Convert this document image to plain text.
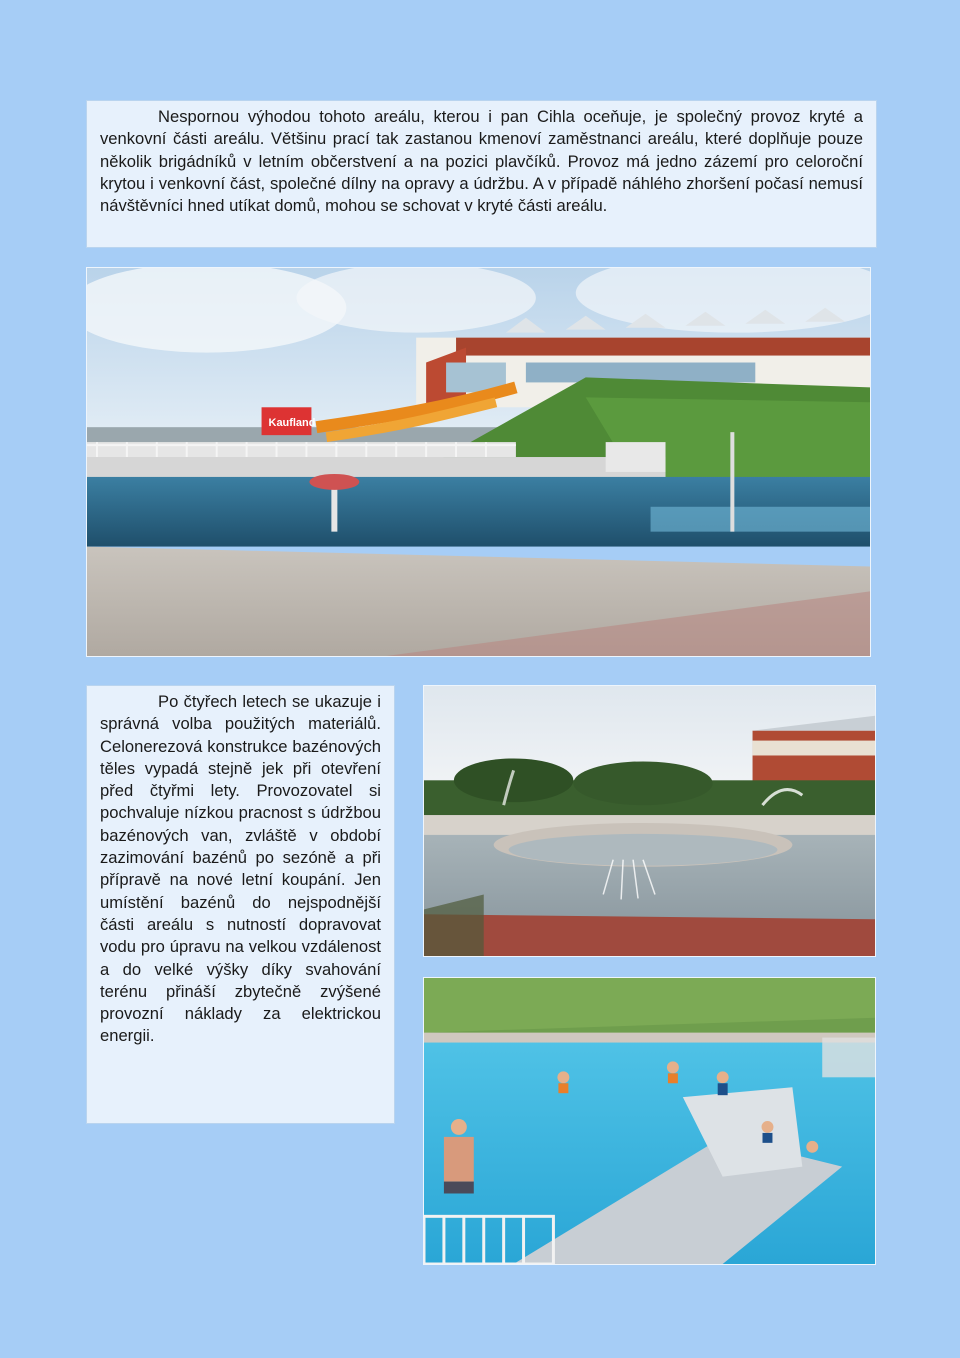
Nespornou výhodou tohoto areálu, kterou i pan Cihla oceňuje, je společný provoz kryté a venkovní části areálu. Většinu prací tak zastanou kmenoví zaměstnanci areálu, které doplňuje pouze několik brigádníků v letním občerstvení a na pozici plavčíků. Provoz má jedno zázemí pro celoroční krytou i venkovní část, společné dílny na opravy a údržbu. A v případě náhlého zhoršení počasí nemusí návštěvníci hned utíkat domů, mohou se schovat v kryté části areálu.

Kaufland

Po čtyřech letech se ukazuje i správná volba použitých materiálů. Celonerezová konstrukce bazénových těles vypadá stejně jek při otevření před čtyřmi lety. Provozovatel si pochvaluje nízkou pracnost s údržbou bazénových van, zvláště v období zazimování bazénů po sezóně a při přípravě na nové letní koupání. Jen umístění bazénů do nejspodnější části areálu s nutností dopravovat vodu pro úpravu na velkou vzdálenost a do velké výšky díky svahování terénu přináší zbytečně zvýšené provozní náklady za elektrickou energii.
